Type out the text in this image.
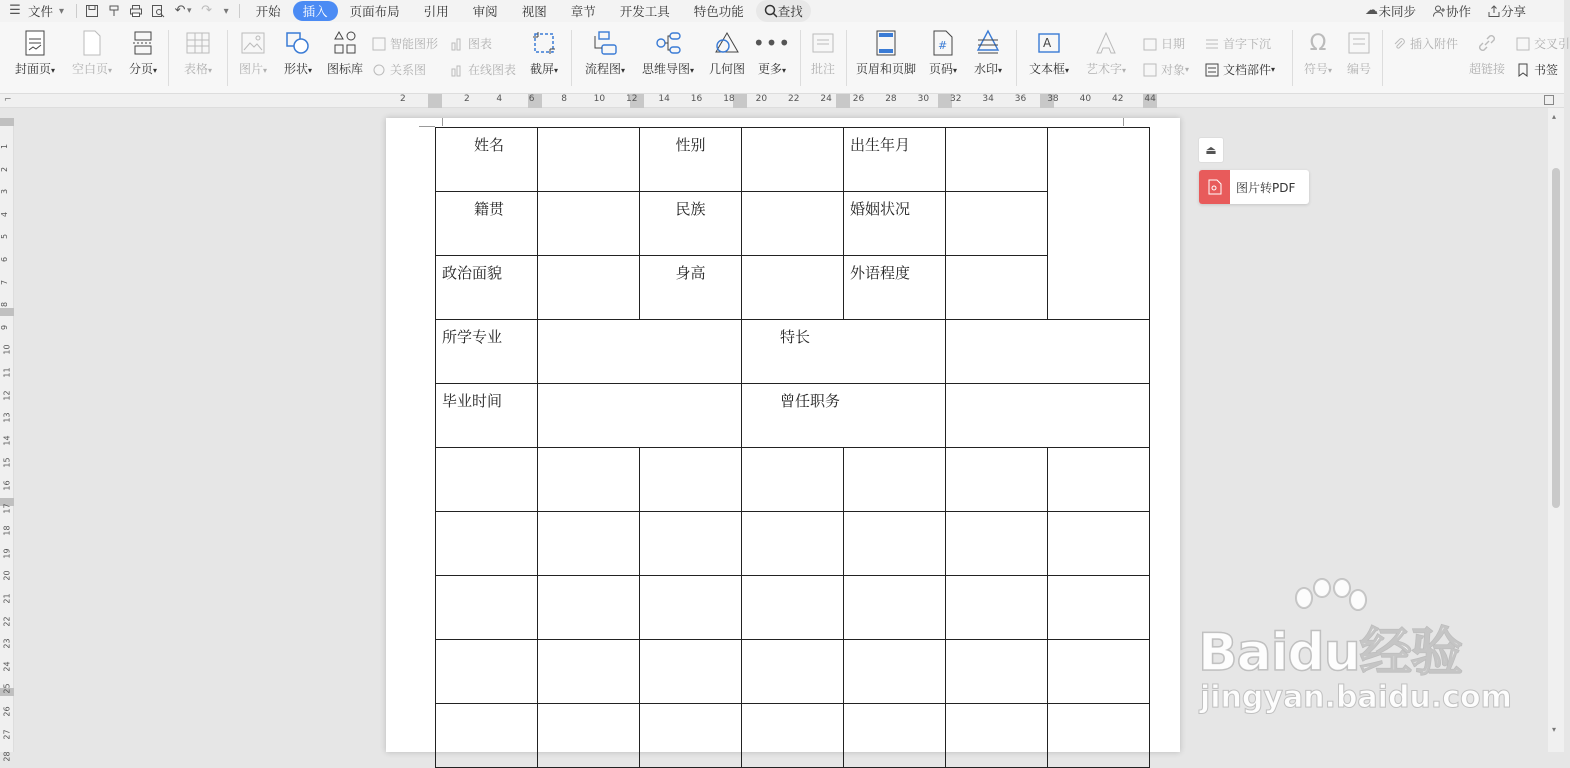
☰ 文件 ▾	↶ ▾ ↷ ▾	开始	插入	页面布局	引用	审阅	视图	章节	开发工具	特色功能	查找	☁ 未同步 协作 分享
封面页▾ 空白页▾ 分页▾ 表格▾ 图片▾ 形状▾ 图标库
智能图形 图表
关系图	在线图表 截屏▾ 流程图▾ 思维导图▾ 几何图
•••
更多▾ 批注 页眉和页脚
#
页码▾ 水印▾
A
文本框▾ 艺术字▾
日期
对象 ▾
首字下沉
文档部件 ▾
Ω
符号▾ 编号
插入附件
超链接
交叉引
书签
⌐	2	2	4	6	8	10 12 14 16 18 20 22 24 26 28 30 32 34 36 38 40 42 44
1
2
3
4
5
6
7
8
9
10
11
12
13
14
15
16
17
18
19
20
21
22
23
24
25
26
27
28
姓名		性别		出生年月		
籍贯		民族		婚姻状况		
政治面貌		身高		外语程度		
所学专业			特长			
毕业时间			曾任职务			

⏏
图片转PDF
▴
▾
Baidu经验
jingyan.baidu.com
